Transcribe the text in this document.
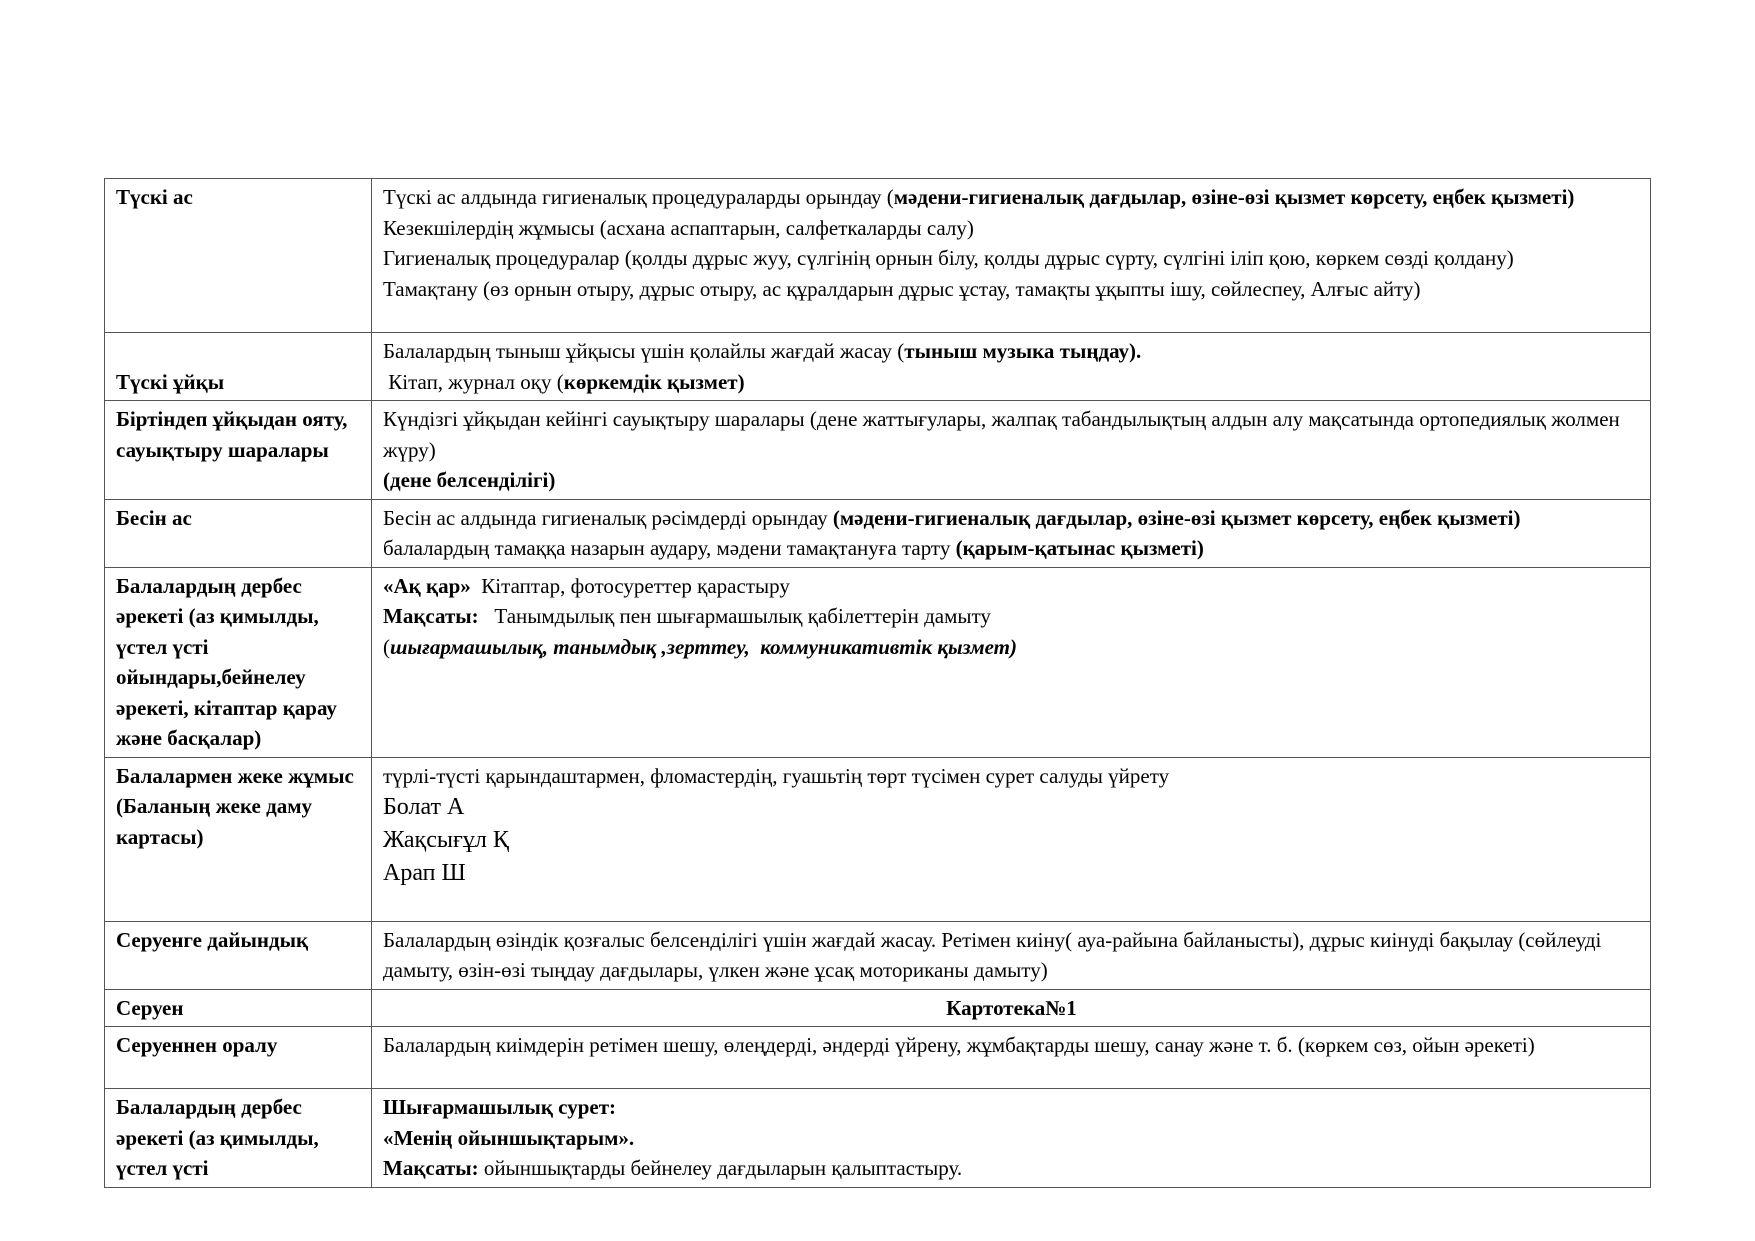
Түскі ас	Түскі ас алдында гигиеналық процедураларды орындау (мәдени-гигиеналық дағдылар, өзіне-өзі қызмет көрсету, еңбек қызметі)
Кезекшілердің жұмысы (асхана аспаптарын, салфеткаларды салу)
Гигиеналық процедуралар (қолды дұрыс жуу, сүлгінің орнын білу, қолды дұрыс сүрту, сүлгіні іліп қою, көркем сөзді қолдану)
Тамақтану (өз орнын отыру, дұрыс отыру, ас құралдарын дұрыс ұстау, тамақты ұқыпты ішу, сөйлеспеу, Алғыс айту)

Түскі ұйқы	Балалардың тыныш ұйқысы үшін қолайлы жағдай жасау (тыныш музыка тыңдау).
Кітап, журнал оқу (көркемдік қызмет)

Біртіндеп ұйқыдан ояту, сауықтыру шаралары	Күндізгі ұйқыдан кейінгі сауықтыру шаралары (дене жаттығулары, жалпақ табандылықтың алдын алу мақсатында ортопедиялық жолмен жүру)
(дене белсенділігі)

Бесін ас	Бесін ас алдында гигиеналық рәсімдерді орындау (мәдени-гигиеналық дағдылар, өзіне-өзі қызмет көрсету, еңбек қызметі)
балалардың тамаққа назарын аудару, мәдени тамақтануға тарту (қарым-қатынас қызметі)

Балалардың дербес әрекеті (аз қимылды, үстел үсті ойындары,бейнелеу әрекеті, кітаптар қарау және басқалар)	«Ақ қар»  Кітаптар, фотосуреттер қарастыру
Мақсаты:   Танымдылық пен шығармашылық қабілеттерін дамыту
(шығармашылық, танымдық ,зерттеу,  коммуникативтік қызмет)

Балалармен жеке жұмыс (Баланың жеке даму картасы)	түрлі-түсті қарындаштармен, фломастердің, гуашьтің төрт түсімен сурет салуды үйрету
Болат А
Жақсығұл Қ
Арап Ш

Серуенге дайындық	Балалардың өзіндік қозғалыс белсенділігі үшін жағдай жасау. Ретімен киіну( ауа-райына байланысты), дұрыс киінуді бақылау (сөйлеуді дамыту, өзін-өзі тыңдау дағдылары, үлкен және ұсақ моториканы дамыту)
Серуен	Картотека№1
Серуеннен оралу	Балалардың киімдерін ретімен шешу, өлеңдерді, әндерді үйрену, жұмбақтарды шешу, санау және т. б. (көркем сөз, ойын әрекеті)
Балалардың дербес әрекеті (аз қимылды, үстел үсті	Шығармашылық сурет:
«Менің ойыншықтарым».
Мақсаты: ойыншықтарды бейнелеу дағдыларын қалыптастыру.
